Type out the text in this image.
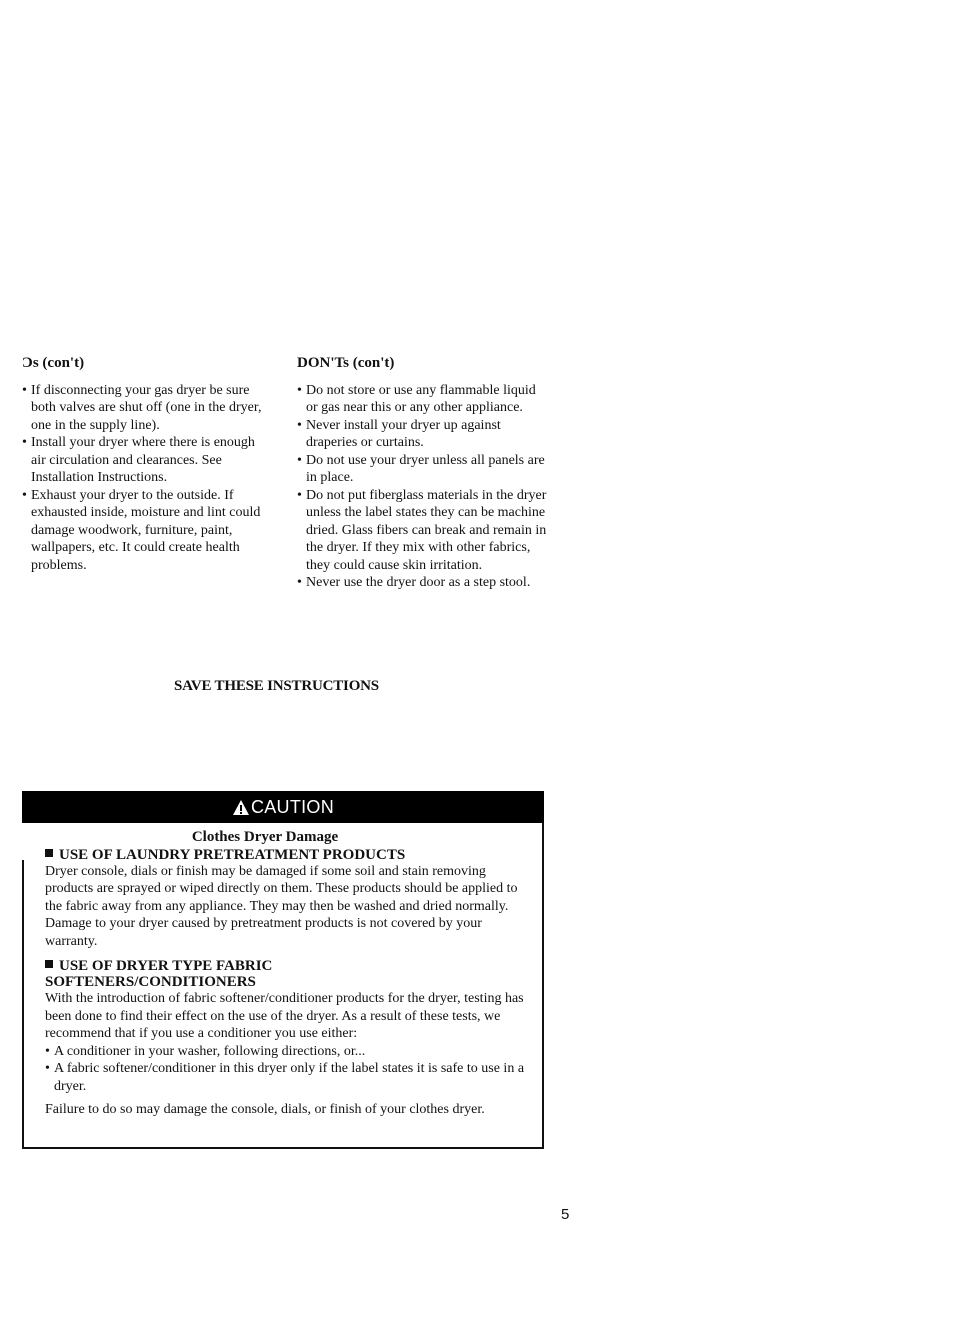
Ͻs (con't)

• If disconnecting your gas dryer be sure both valves are shut off (one in the dryer, one in the supply line).
• Install your dryer where there is enough air circulation and clearances. See Installation Instructions.
• Exhaust your dryer to the outside. If exhausted inside, moisture and lint could damage woodwork, furniture, paint, wallpapers, etc. It could create health problems.

DON'Ts (con't)

• Do not store or use any flammable liquid or gas near this or any other appliance.
• Never install your dryer up against draperies or curtains.
• Do not use your dryer unless all panels are in place.
• Do not put fiberglass materials in the dryer unless the label states they can be machine dried. Glass fibers can break and remain in the dryer. If they mix with other fabrics, they could cause skin irritation.
• Never use the dryer door as a step stool.
SAVE THESE INSTRUCTIONS
CAUTION
Clothes Dryer Damage
USE OF LAUNDRY PRETREATMENT PRODUCTS

Dryer console, dials or finish may be damaged if some soil and stain removing products are sprayed or wiped directly on them. These products should be applied to the fabric away from any appliance. They may then be washed and dried normally. Damage to your dryer caused by pretreatment products is not covered by your warranty.

USE OF DRYER TYPE FABRIC
SOFTENERS/CONDITIONERS

With the introduction of fabric softener/conditioner products for the dryer, testing has been done to find their effect on the use of the dryer. As a result of these tests, we recommend that if you use a conditioner you use either:

• A conditioner in your washer, following directions, or...
• A fabric softener/conditioner in this dryer only if the label states it is safe to use in a dryer.

Failure to do so may damage the console, dials, or finish of your clothes dryer.

5
